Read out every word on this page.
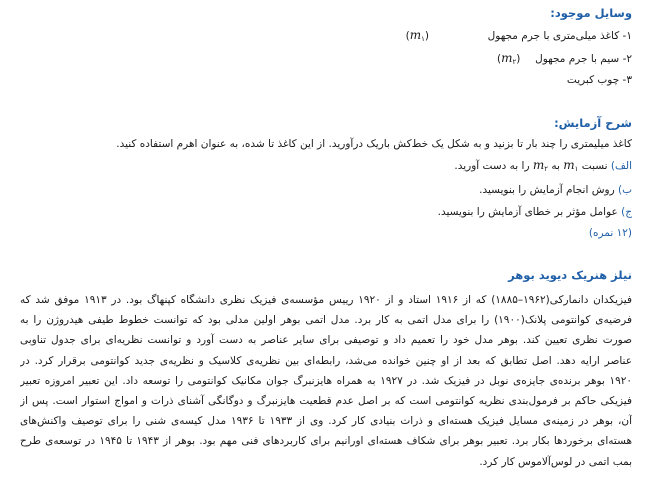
وسایل موجود:
۱- کاغذ میلی‌متری با جرم مجهول  $(m_۱)$
۲- سیم با جرم مجهول  $(m_۲)$
۳- چوب کبریت
شرح آزمایش:
کاغذ میلیمتری را چند بار تا بزنید و به شکل یک خط‌کش باریک درآورید. از این کاغذ تا شده، به عنوان اهرم استفاده کنید.
الف) نسبت $m_۱$ به $m_۲$ را به دست آورید.
ب) روش انجام آزمایش را بنویسید.
ج) عوامل مؤثر بر خطای آزمایش را بنویسید.
(۱۲ نمره)
نیلز هنریک دیوید بوهر
فیزیکدان دانمارکی(۱۹۶۲–۱۸۸۵) که از ۱۹۱۶ استاد و از ۱۹۲۰ رییس مؤسسه‌ی فیزیک نظری دانشگاه کپنهاگ بود. در ۱۹۱۳ موفق شد که
فرضیه‌ی کوانتومی پلانک(۱۹۰۰) را برای مدل اتمی به کار برد. مدل اتمی بوهر اولین مدلی بود که توانست خطوط طیفی هیدروژن را به
صورت نظری تعیین کند. بوهر مدل خود را تعمیم داد و توصیفی برای سایر عناصر به دست آورد و توانست نظریه‌ای برای جدول تناوبی
عناصر ارایه دهد. اصل تطابق که بعد از او چنین خوانده می‌شد، رابطه‌ای بین نظریه‌ی کلاسیک و نظریه‌ی جدید کوانتومی برقرار کرد. در
۱۹۲۰ بوهر برنده‌ی جایزه‌ی نوبل در فیزیک شد. در ۱۹۲۷ به همراه هایزنبرگ جوان مکانیک کوانتومی را توسعه داد. این تعبیر امروزه تعبیر
فیزیکی حاکم بر فرمول‌بندی نظریه کوانتومی است که بر اصل عدم قطعیت هایزنبرگ و دوگانگی آشنای ذرات و امواج استوار است. پس از
آن، بوهر در زمینه‌ی مسایل فیزیک هسته‌ای و ذرات بنیادی کار کرد. وی از ۱۹۳۳ تا ۱۹۳۶ مدل کیسه‌ی شنی را برای توصیف واکنش‌های
هسته‌ای برخوردها بکار برد. تعبیر بوهر برای شکاف هسته‌ای اورانیم برای کاربردهای فنی مهم بود. بوهر از ۱۹۴۳ تا ۱۹۴۵ در توسعه‌ی طرح
بمب اتمی در لوس‌آلاموس کار کرد.
